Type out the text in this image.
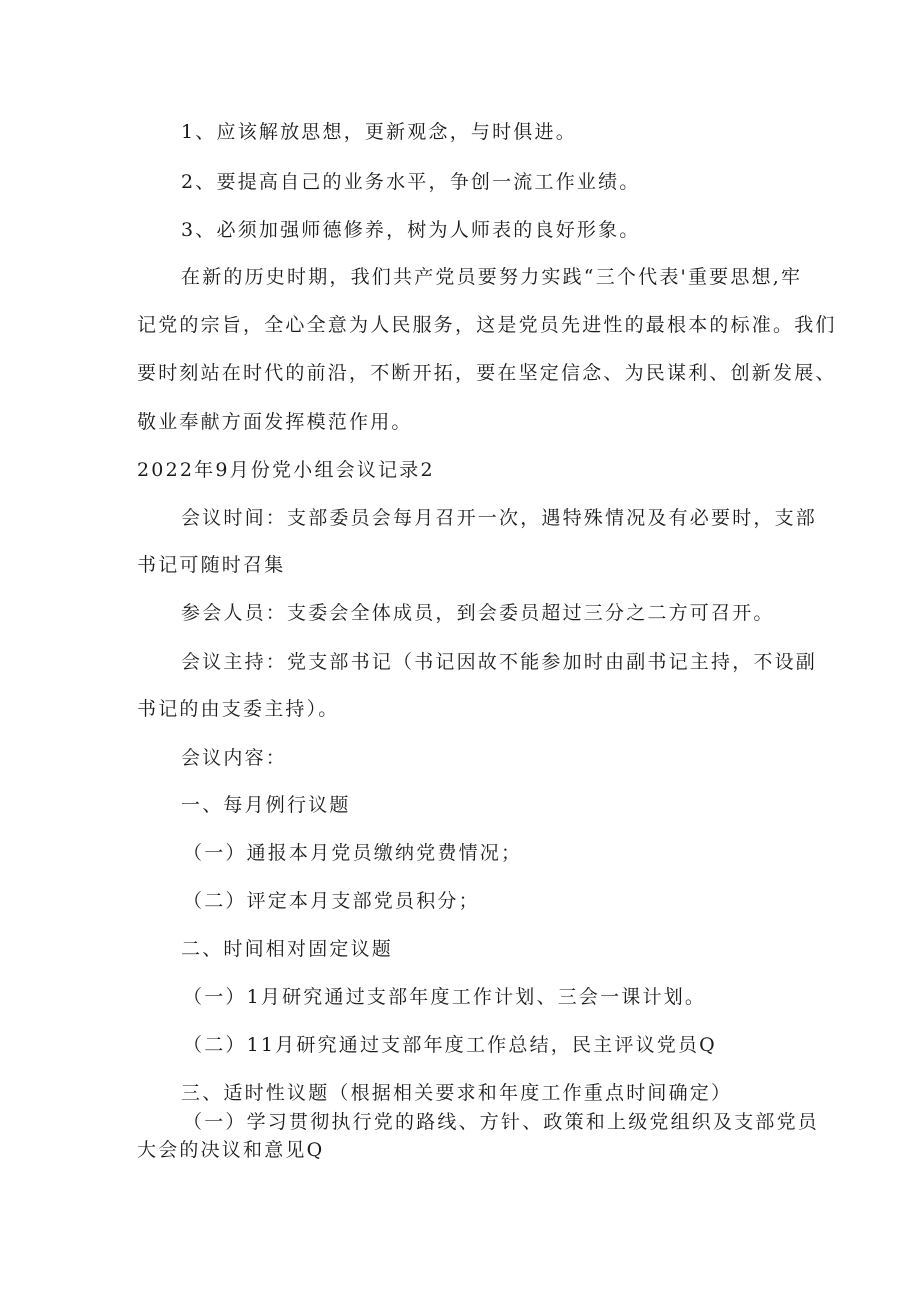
1、应该解放思想，更新观念，与时俱进。
2、要提高自己的业务水平，争创一流工作业绩。
3、必须加强师德修养，树为人师表的良好形象。
在新的历史时期，我们共产党员要努力实践“三个代表'重要思想,牢
记党的宗旨，全心全意为人民服务，这是党员先进性的最根本的标准。我们
要时刻站在时代的前沿，不断开拓，要在坚定信念、为民谋利、创新发展、
敬业奉献方面发挥模范作用。
2022年9月份党小组会议记录2
会议时间：支部委员会每月召开一次，遇特殊情况及有必要时，支部
书记可随时召集
参会人员：支委会全体成员，到会委员超过三分之二方可召开。
会议主持：党支部书记（书记因故不能参加时由副书记主持，不设副
书记的由支委主持）。
会议内容：
一、每月例行议题
（一）通报本月党员缴纳党费情况；
（二）评定本月支部党员积分；
二、时间相对固定议题
（一）1月研究通过支部年度工作计划、三会一课计划。
（二）11月研究通过支部年度工作总结，民主评议党员Q
三、适时性议题（根据相关要求和年度工作重点时间确定）
（一）学习贯彻执行党的路线、方针、政策和上级党组织及支部党员
大会的决议和意见Q
